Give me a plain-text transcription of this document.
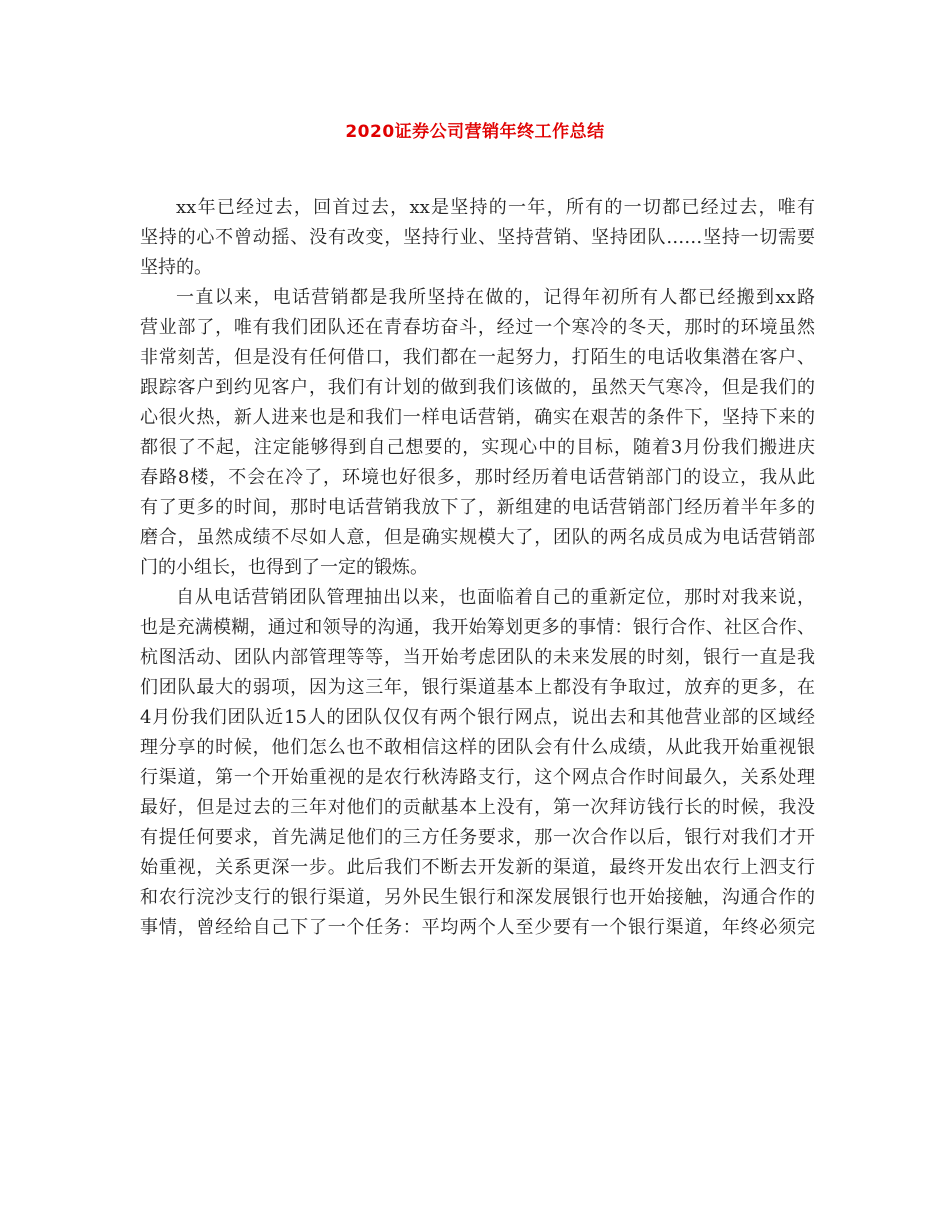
2020证券公司营销年终工作总结
xx年已经过去，回首过去，xx是坚持的一年，所有的一切都已经过去，唯有
坚持的心不曾动摇、没有改变，坚持行业、坚持营销、坚持团队……坚持一切需要
坚持的。
一直以来，电话营销都是我所坚持在做的，记得年初所有人都已经搬到xx路
营业部了，唯有我们团队还在青春坊奋斗，经过一个寒冷的冬天，那时的环境虽然
非常刻苦，但是没有任何借口，我们都在一起努力，打陌生的电话收集潜在客户、
跟踪客户到约见客户，我们有计划的做到我们该做的，虽然天气寒冷，但是我们的
心很火热，新人进来也是和我们一样电话营销，确实在艰苦的条件下，坚持下来的
都很了不起，注定能够得到自己想要的，实现心中的目标，随着3月份我们搬进庆
春路8楼，不会在冷了，环境也好很多，那时经历着电话营销部门的设立，我从此
有了更多的时间，那时电话营销我放下了，新组建的电话营销部门经历着半年多的
磨合，虽然成绩不尽如人意，但是确实规模大了，团队的两名成员成为电话营销部
门的小组长，也得到了一定的锻炼。
自从电话营销团队管理抽出以来，也面临着自己的重新定位，那时对我来说，
也是充满模糊，通过和领导的沟通，我开始筹划更多的事情：银行合作、社区合作、
杭图活动、团队内部管理等等，当开始考虑团队的未来发展的时刻，银行一直是我
们团队最大的弱项，因为这三年，银行渠道基本上都没有争取过，放弃的更多，在
4月份我们团队近15人的团队仅仅有两个银行网点，说出去和其他营业部的区域经
理分享的时候，他们怎么也不敢相信这样的团队会有什么成绩，从此我开始重视银
行渠道，第一个开始重视的是农行秋涛路支行，这个网点合作时间最久，关系处理
最好，但是过去的三年对他们的贡献基本上没有，第一次拜访钱行长的时候，我没
有提任何要求，首先满足他们的三方任务要求，那一次合作以后，银行对我们才开
始重视，关系更深一步。此后我们不断去开发新的渠道，最终开发出农行上泗支行
和农行浣沙支行的银行渠道，另外民生银行和深发展银行也开始接触，沟通合作的
事情，曾经给自己下了一个任务：平均两个人至少要有一个银行渠道，年终必须完
